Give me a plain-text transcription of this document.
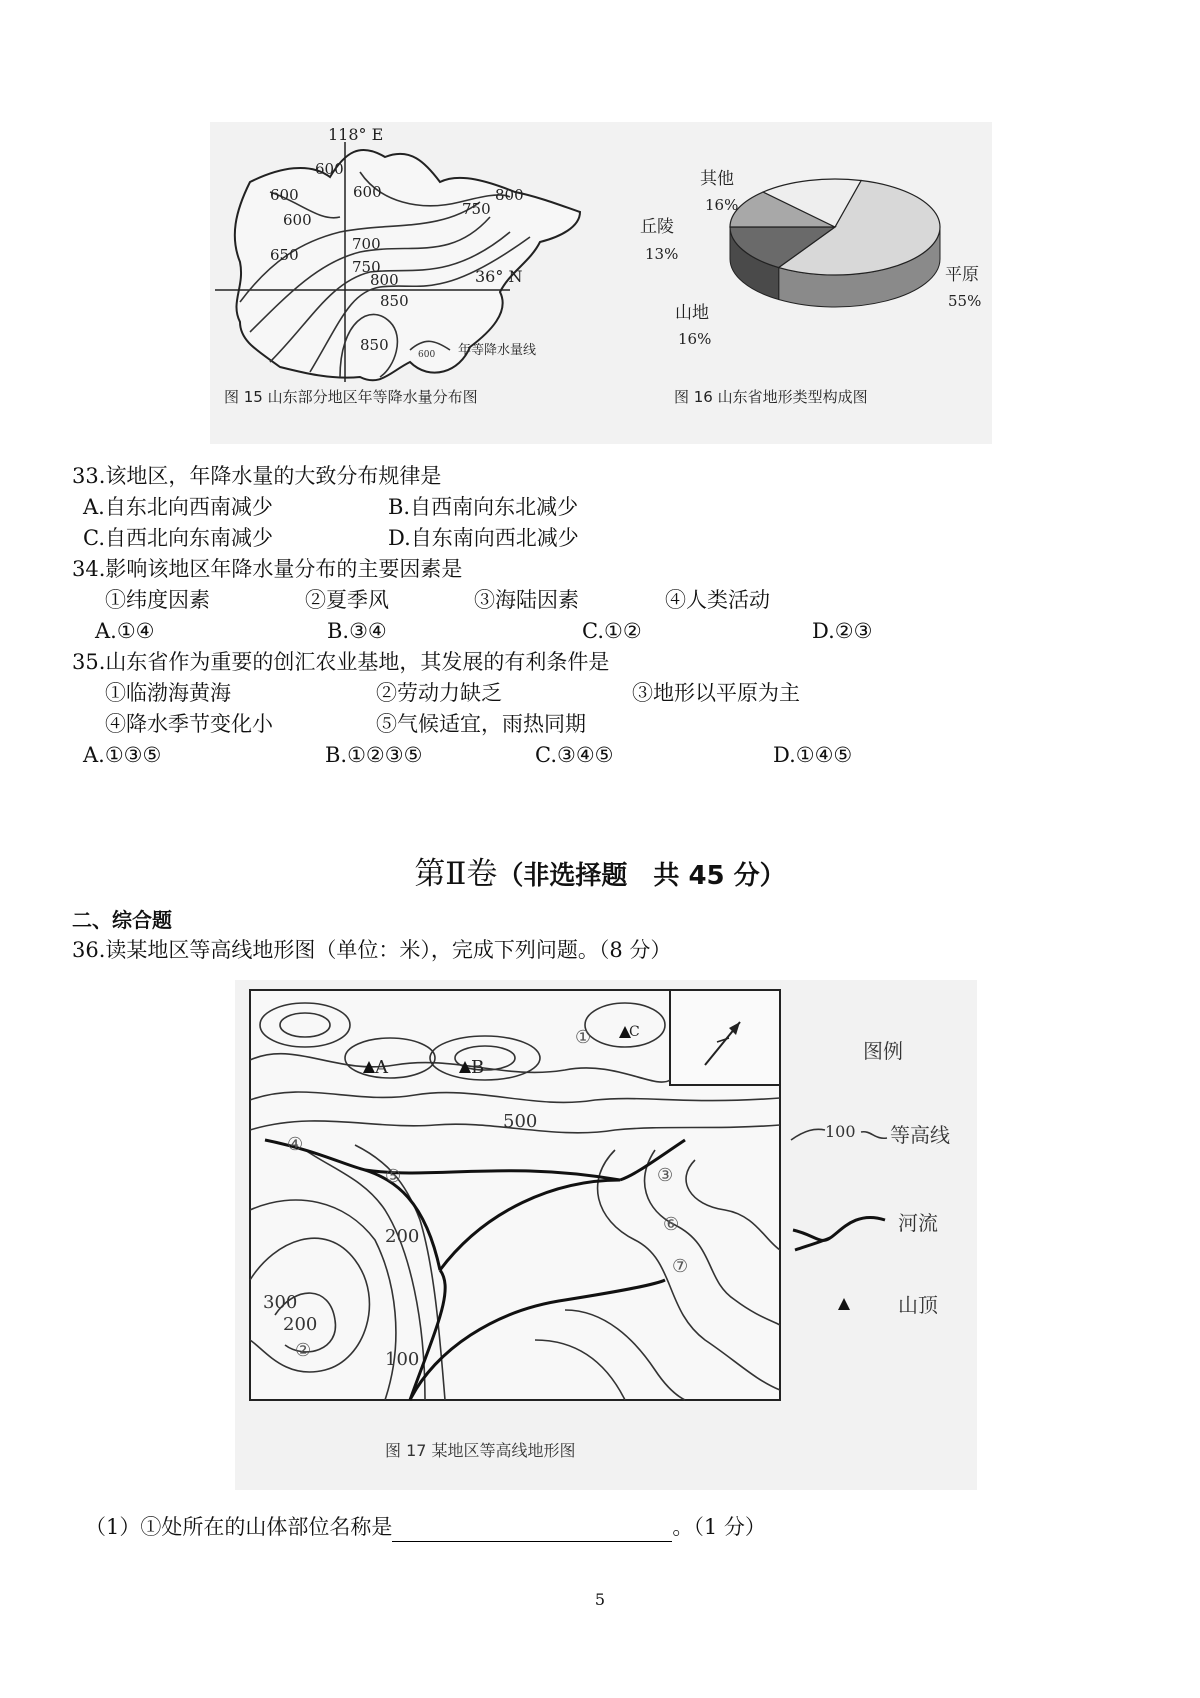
600
600
600
600
650
700
750
750
800
800
850
850
118° E
36° N
600 年等降水量线
图 15 山东部分地区年等降水量分布图
其他
16%
丘陵
13%
平原
55%
山地
16%
图 16 山东省地形类型构成图
33.该地区，年降水量的大致分布规律是
A.自东北向西南减少	B.自西南向东北减少
C.自西北向东南减少	D.自东南向西北减少
34.影响该地区年降水量分布的主要因素是
①纬度因素	②夏季风	③海陆因素	④人类活动
A.①④	B.③④	C.①②	D.②③
35.山东省作为重要的创汇农业基地，其发展的有利条件是
①临渤海黄海	②劳动力缺乏	③地形以平原为主
④降水季节变化小	⑤气候适宜，雨热同期
A.①③⑤	B.①②③⑤	C.③④⑤	D.①④⑤
第Ⅱ卷（非选择题　共 45 分）
二、综合题
36.读某地区等高线地形图（单位：米），完成下列问题。（8 分）
A	B
C
①
④
⑤	③
⑥
⑦
②
500
200
300
200
100
图例
100 等高线
河流
山顶
图 17 某地区等高线地形图
（1）①处所在的山体部位名称是	。（1 分）
5
